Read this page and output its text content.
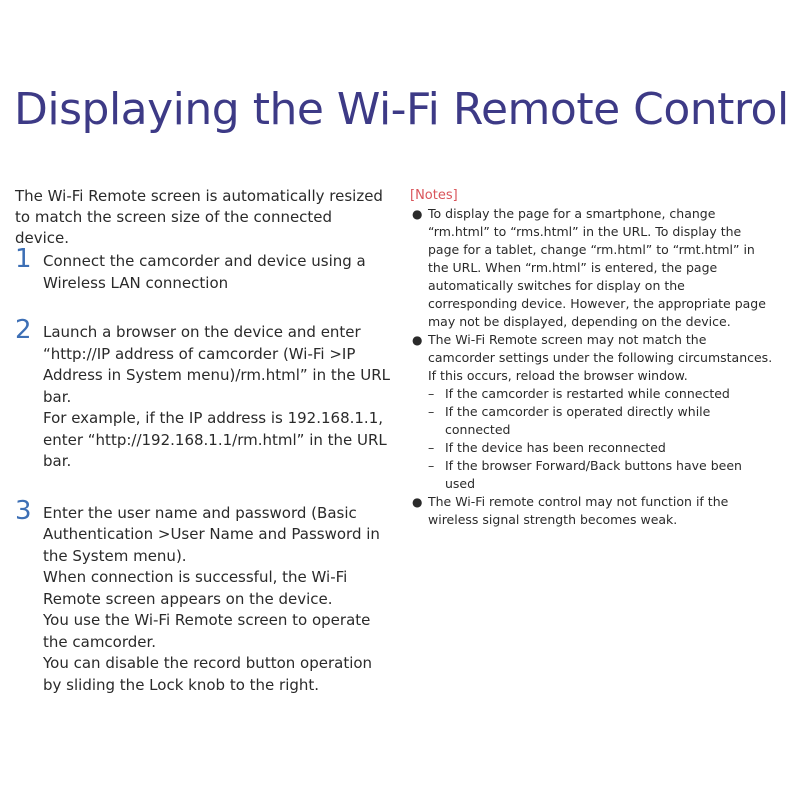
Displaying the Wi-Fi Remote Control

The Wi-Fi Remote screen is automatically resized to match the screen size of the connected device.

1 Connect the camcorder and device using a Wireless LAN connection

2 Launch a browser on the device and enter “http://IP address of camcorder (Wi-Fi >IP Address in System menu)/rm.html” in the URL bar.

For example, if the IP address is 192.168.1.1, enter “http://192.168.1.1/rm.html” in the URL bar.

3 Enter the user name and password (Basic Authentication >User Name and Password in the System menu).

When connection is successful, the Wi-Fi Remote screen appears on the device.

You use the Wi-Fi Remote screen to operate the camcorder.

You can disable the record button operation by sliding the Lock knob to the right.

[Notes]

● To display the page for a smartphone, change “rm.html” to “rms.html” in the URL. To display the page for a tablet, change “rm.html” to “rmt.html” in the URL. When “rm.html” is entered, the page automatically switches for display on the corresponding device. However, the appropriate page may not be displayed, depending on the device.
● The Wi-Fi Remote screen may not match the camcorder settings under the following circumstances. If this occurs, reload the browser window.
– If the camcorder is restarted while connected
– If the camcorder is operated directly while connected
– If the device has been reconnected
– If the browser Forward/Back buttons have been used
● The Wi-Fi remote control may not function if the wireless signal strength becomes weak.
